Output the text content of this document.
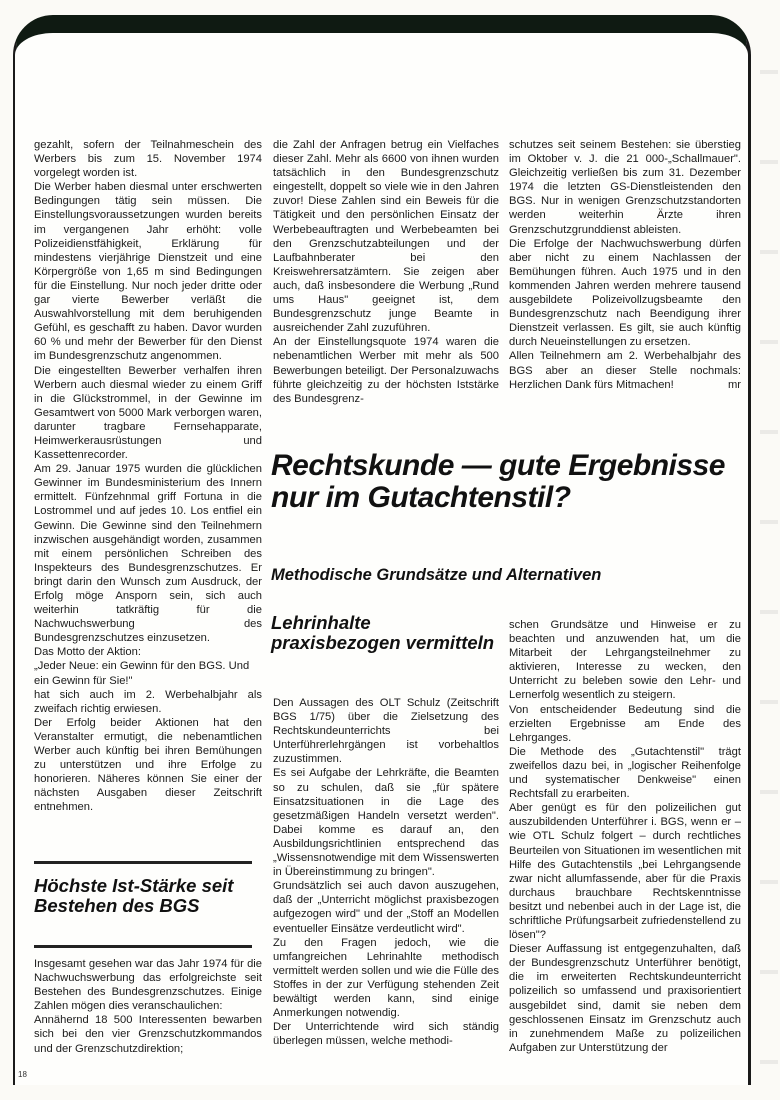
gezahlt, sofern der Teilnahmeschein des Werbers bis zum 15. November 1974 vorgelegt worden ist.

Die Werber haben diesmal unter erschwerten Bedingungen tätig sein müssen. Die Einstellungsvoraussetzungen wurden bereits im vergangenen Jahr erhöht: volle Polizeidienstfähigkeit, Erklärung für mindestens vierjährige Dienstzeit und eine Körpergröße von 1,65 m sind Bedingungen für die Einstellung. Nur noch jeder dritte oder gar vierte Bewerber verläßt die Auswahlvorstellung mit dem beruhigenden Gefühl, es geschafft zu haben. Davor wurden 60 % und mehr der Bewerber für den Dienst im Bundesgrenzschutz angenommen.

Die eingestellten Bewerber verhalfen ihren Werbern auch diesmal wieder zu einem Griff in die Glückstrommel, in der Gewinne im Gesamtwert von 5000 Mark verborgen waren, darunter tragbare Fernsehapparate, Heimwerkerausrüstungen und Kassettenrecorder.

Am 29. Januar 1975 wurden die glücklichen Gewinner im Bundesministerium des Innern ermittelt. Fünfzehnmal griff Fortuna in die Lostrommel und auf jedes 10. Los entfiel ein Gewinn. Die Gewinne sind den Teilnehmern inzwischen ausgehändigt worden, zusammen mit einem persönlichen Schreiben des Inspekteurs des Bundesgrenzschutzes. Er bringt darin den Wunsch zum Ausdruck, der Erfolg möge Ansporn sein, sich auch weiterhin tatkräftig für die Nachwuchswerbung des Bundesgrenzschutzes einzusetzen.

Das Motto der Aktion:

„Jeder Neue: ein Gewinn für den BGS. Und ein Gewinn für Sie!"

hat sich auch im 2. Werbehalbjahr als zweifach richtig erwiesen.

Der Erfolg beider Aktionen hat den Veranstalter ermutigt, die nebenamtlichen Werber auch künftig bei ihren Bemühungen zu unterstützen und ihre Erfolge zu honorieren. Näheres können Sie einer der nächsten Ausgaben dieser Zeitschrift entnehmen.

Höchste Ist-Stärke seit Bestehen des BGS

Insgesamt gesehen war das Jahr 1974 für die Nachwuchswerbung das erfolgreichste seit Bestehen des Bundesgrenzschutzes. Einige Zahlen mögen dies veranschaulichen:

Annähernd 18 500 Interessenten bewarben sich bei den vier Grenzschutzkommandos und der Grenzschutzdirektion;

18

die Zahl der Anfragen betrug ein Vielfaches dieser Zahl. Mehr als 6600 von ihnen wurden tatsächlich in den Bundesgrenzschutz eingestellt, doppelt so viele wie in den Jahren zuvor! Diese Zahlen sind ein Beweis für die Tätigkeit und den persönlichen Einsatz der Werbebeauftragten und Werbebeamten bei den Grenzschutzabteilungen und der Laufbahnberater bei den Kreiswehrersatzämtern. Sie zeigen aber auch, daß insbesondere die Werbung „Rund ums Haus" geeignet ist, dem Bundesgrenzschutz junge Beamte in ausreichender Zahl zuzuführen.

An der Einstellungsquote 1974 waren die nebenamtlichen Werber mit mehr als 500 Bewerbungen beteiligt. Der Personalzuwachs führte gleichzeitig zu der höchsten Iststärke des Bundesgrenz-

schutzes seit seinem Bestehen: sie überstieg im Oktober v. J. die 21 000-„Schallmauer". Gleichzeitig verließen bis zum 31. Dezember 1974 die letzten GS-Dienstleistenden den BGS. Nur in wenigen Grenzschutzstandorten werden weiterhin Ärzte ihren Grenzschutzgrunddienst ableisten.

Die Erfolge der Nachwuchswerbung dürfen aber nicht zu einem Nachlassen der Bemühungen führen. Auch 1975 und in den kommenden Jahren werden mehrere tausend ausgebildete Polizeivollzugsbeamte den Bundesgrenzschutz nach Beendigung ihrer Dienstzeit verlassen. Es gilt, sie auch künftig durch Neueinstellungen zu ersetzen.

Allen Teilnehmern am 2. Werbehalbjahr des BGS aber an dieser Stelle nochmals: Herzlichen Dank fürs Mitmachen!	mr

Rechtskunde — gute Ergebnisse nur im Gutachtenstil?
Methodische Grundsätze und Alternativen
Lehrinhalte praxisbezogen vermitteln

Den Aussagen des OLT Schulz (Zeitschrift BGS 1/75) über die Zielsetzung des Rechtskundeunterrichts bei Unterführerlehrgängen ist vorbehaltlos zuzustimmen.

Es sei Aufgabe der Lehrkräfte, die Beamten so zu schulen, daß sie „für spätere Einsatzsituationen in die Lage des gesetzmäßigen Handeln versetzt werden". Dabei komme es darauf an, den Ausbildungsrichtlinien entsprechend das „Wissensnotwendige mit dem Wissenswerten in Übereinstimmung zu bringen".

Grundsätzlich sei auch davon auszugehen, daß der „Unterricht möglichst praxisbezogen aufgezogen wird" und der „Stoff an Modellen eventueller Einsätze verdeutlicht wird".

Zu den Fragen jedoch, wie die umfangreichen Lehrinahlte methodisch vermittelt werden sollen und wie die Fülle des Stoffes in der zur Verfügung stehenden Zeit bewältigt werden kann, sind einige Anmerkungen notwendig.

Der Unterrichtende wird sich ständig überlegen müssen, welche methodi-

schen Grundsätze und Hinweise er zu beachten und anzuwenden hat, um die Mitarbeit der Lehrgangsteilnehmer zu aktivieren, Interesse zu wecken, den Unterricht zu beleben sowie den Lehr- und Lernerfolg wesentlich zu steigern.

Von entscheidender Bedeutung sind die erzielten Ergebnisse am Ende des Lehrganges.

Die Methode des „Gutachtenstil" trägt zweifellos dazu bei, in „logischer Reihenfolge und systematischer Denkweise" einen Rechtsfall zu erarbeiten.

Aber genügt es für den polizeilichen gut auszubildenden Unterführer i. BGS, wenn er – wie OTL Schulz folgert – durch rechtliches Beurteilen von Situationen im wesentlichen mit Hilfe des Gutachtenstils „bei Lehrgangsende zwar nicht allumfassende, aber für die Praxis durchaus brauchbare Rechtskenntnisse besitzt und nebenbei auch in der Lage ist, die schriftliche Prüfungsarbeit zufriedenstellend zu lösen"?

Dieser Auffassung ist entgegenzuhalten, daß der Bundesgrenzschutz Unterführer benötigt, die im erweiterten Rechtskundeunterricht polizeilich so umfassend und praxisorientiert ausgebildet sind, damit sie neben dem geschlossenen Einsatz im Grenzschutz auch in zunehmendem Maße zu polizeilichen Aufgaben zur Unterstützung der
